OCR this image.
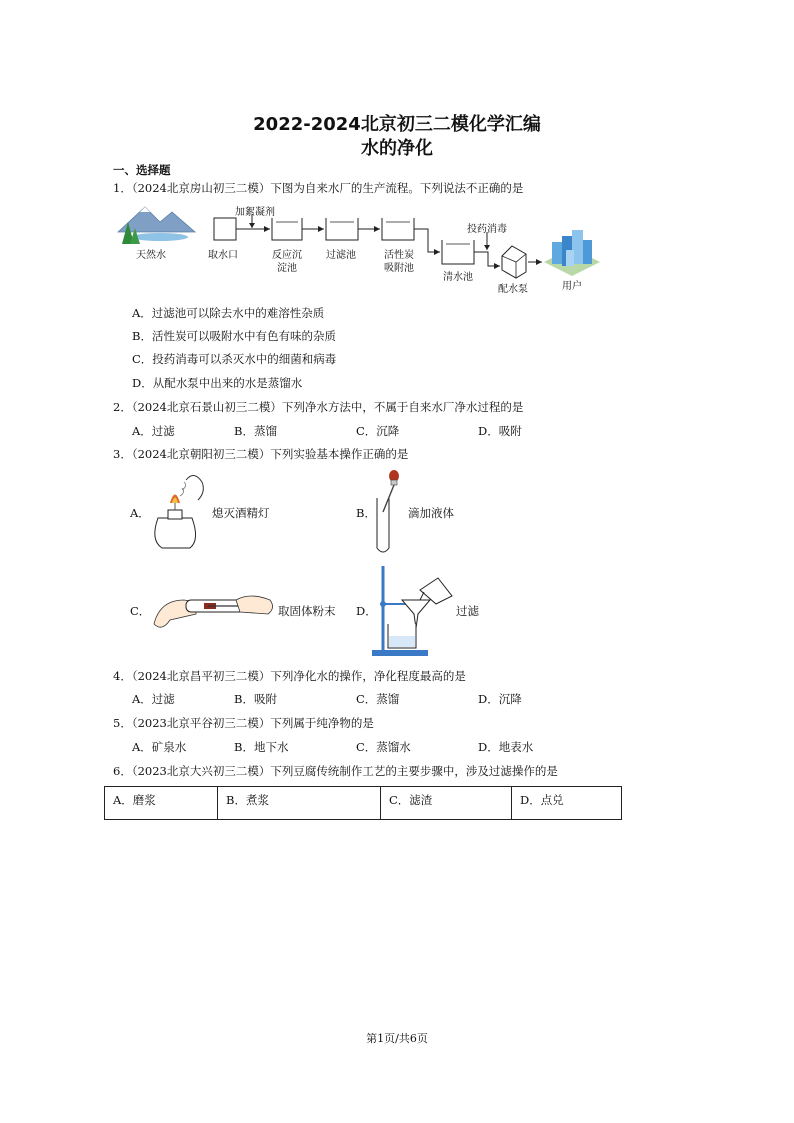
2022-2024北京初三二模化学汇编
水的净化
一、选择题
1．（2024北京房山初三二模）下图为自来水厂的生产流程。下列说法不正确的是
天然水	取水口
加絮凝剂
反应沉
淀池
过滤池	活性炭
吸附池
清水池
投药消毒
配水泵	用户
A．过滤池可以除去水中的难溶性杂质
B．活性炭可以吸附水中有色有味的杂质
C．投药消毒可以杀灭水中的细菌和病毒
D．从配水泵中出来的水是蒸馏水
2．（2024北京石景山初三二模）下列净水方法中，不属于自来水厂净水过程的是
A．过滤	B．蒸馏	C．沉降	D．吸附
3．（2024北京朝阳初三二模）下列实验基本操作正确的是
A．	熄灭酒精灯	B．	滴加液体
C．	取固体粉末 D．	过滤
4．（2024北京昌平初三二模）下列净化水的操作，净化程度最高的是
A．过滤	B．吸附	C．蒸馏	D．沉降
5．（2023北京平谷初三二模）下列属于纯净物的是
A．矿泉水	B．地下水	C．蒸馏水	D．地表水
6．（2023北京大兴初三二模）下列豆腐传统制作工艺的主要步骤中，涉及过滤操作的是
A．磨浆	B．煮浆	C．滤渣	D．点兑
第1页/共6页
